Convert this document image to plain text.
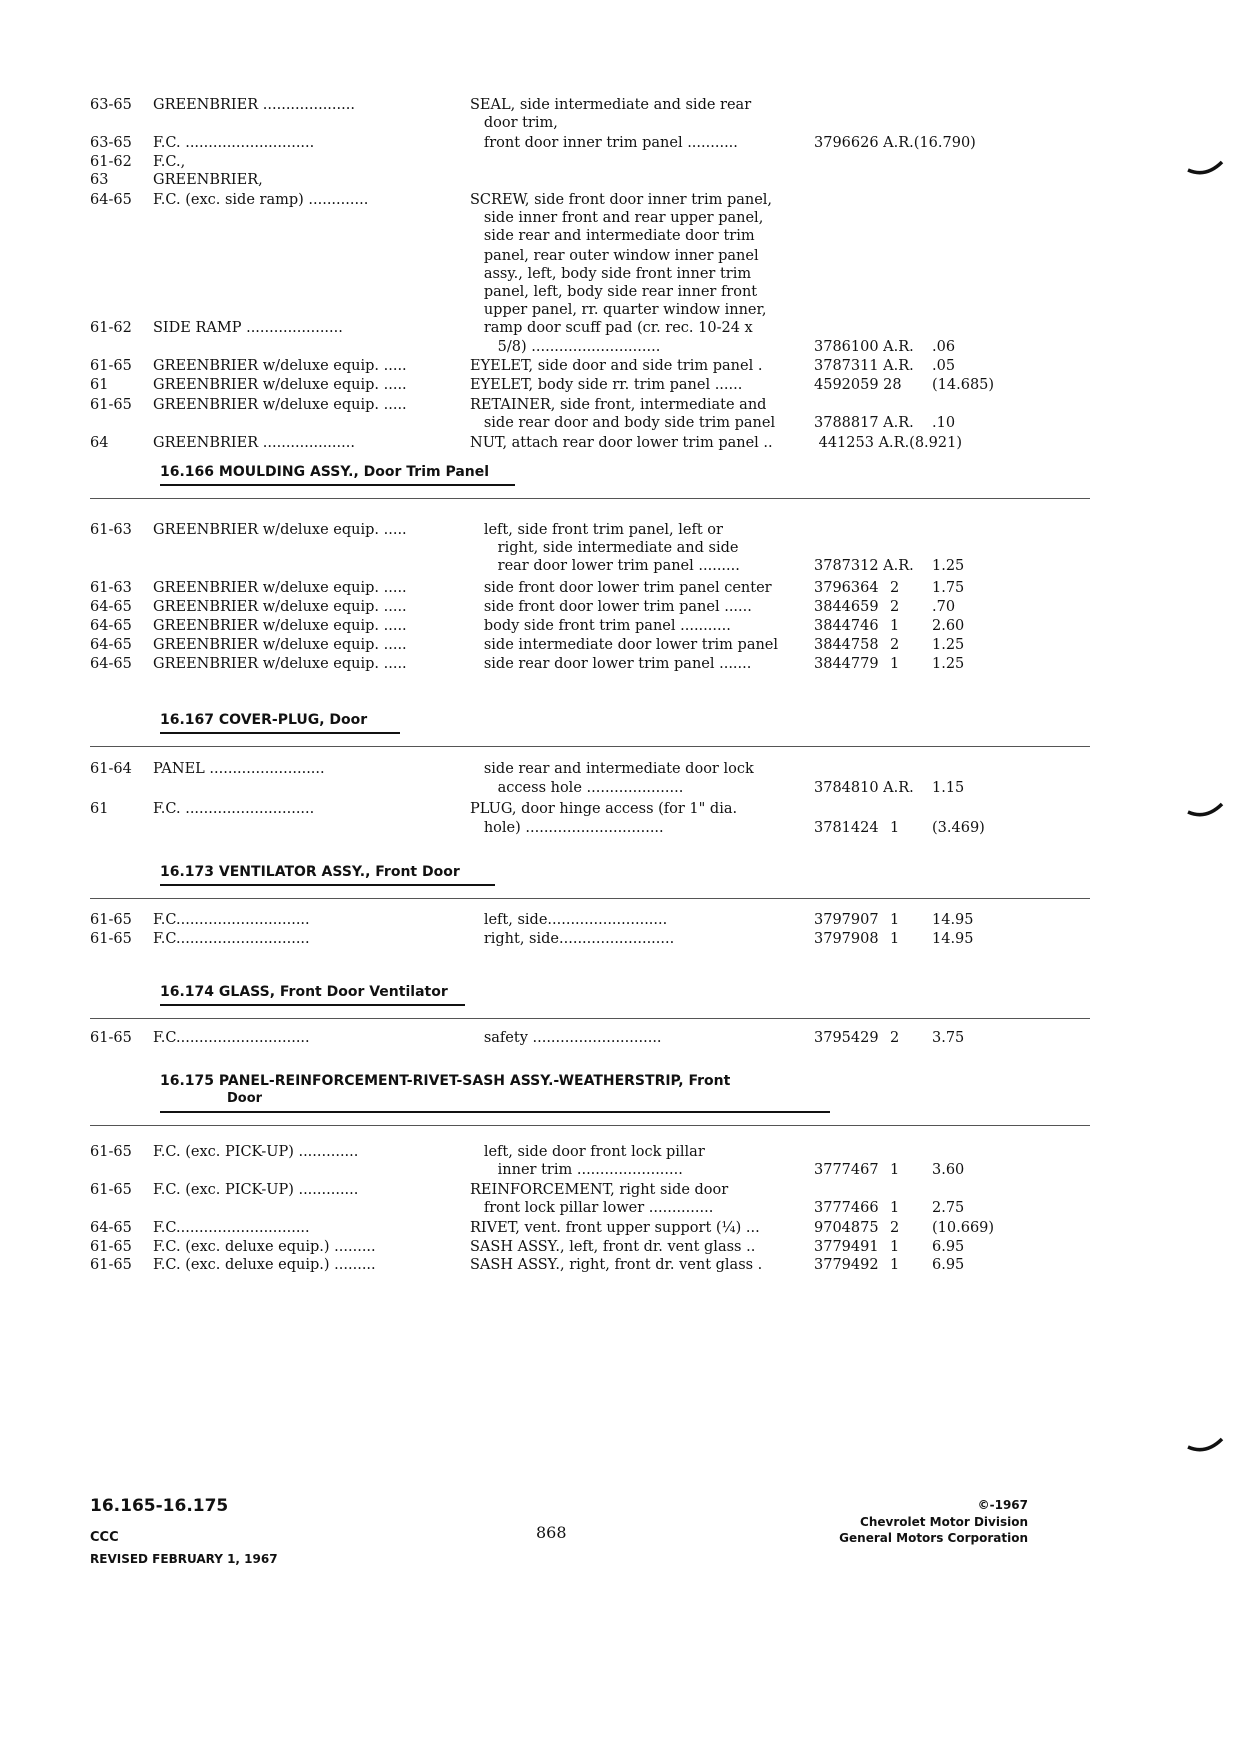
63-65 GREENBRIER ....................	SEAL, side intermediate and side rear
door trim,
63-65 F.C. ............................	front door inner trim panel ...........	3796626 A.R.(16.790)
61-62 F.C.,
63	GREENBRIER,
64-65 F.C. (exc. side ramp) .............	SCREW, side front door inner trim panel,
side inner front and rear upper panel,
side rear and intermediate door trim
panel, rear outer window inner panel
assy., left, body side front inner trim
panel, left, body side rear inner front
upper panel, rr. quarter window inner,
61-62 SIDE RAMP .....................	ramp door scuff pad (cr. rec. 10-24 x
5/8) ............................	3786100 A.R. .06
61-65 GREENBRIER w/deluxe equip. .....	EYELET, side door and side trim panel .	3787311 A.R. .05
61	GREENBRIER w/deluxe equip. .....	EYELET, body side rr. trim panel ......	4592059 28 (14.685)
61-65 GREENBRIER w/deluxe equip. .....	RETAINER, side front, intermediate and
side rear door and body side trim panel	3788817 A.R. .10
64	GREENBRIER ....................	NUT, attach rear door lower trim panel ..	441253 A.R.(8.921)
16.166 MOULDING ASSY., Door Trim Panel
61-63 GREENBRIER w/deluxe equip. .....	left, side front trim panel, left or
right, side intermediate and side
rear door lower trim panel .........	3787312 A.R. 1.25
61-63 GREENBRIER w/deluxe equip. .....	side front door lower trim panel center	3796364 2 1.75
64-65 GREENBRIER w/deluxe equip. .....	side front door lower trim panel ......	3844659 2 .70
64-65 GREENBRIER w/deluxe equip. .....	body side front trim panel ...........	3844746 1 2.60
64-65 GREENBRIER w/deluxe equip. .....	side intermediate door lower trim panel 3844758 2 1.25
64-65 GREENBRIER w/deluxe equip. .....	side rear door lower trim panel .......	3844779 1 1.25
16.167 COVER-PLUG, Door
61-64 PANEL .........................	side rear and intermediate door lock
access hole .....................	3784810 A.R. 1.15
61	F.C. ............................	PLUG, door hinge access (for 1" dia.
hole) ..............................	3781424 1 (3.469)
16.173 VENTILATOR ASSY., Front Door
61-65 F.C.............................	left, side..........................	3797907 1 14.95
61-65 F.C.............................	right, side.........................	3797908 1 14.95
16.174 GLASS, Front Door Ventilator
61-65 F.C.............................	safety ............................	3795429 2 3.75
16.175 PANEL-REINFORCEMENT-RIVET-SASH ASSY.-WEATHERSTRIP, Front
Door
61-65 F.C. (exc. PICK-UP) .............	left, side door front lock pillar
inner trim .......................	3777467 1 3.60
61-65 F.C. (exc. PICK-UP) .............	REINFORCEMENT, right side door
front lock pillar lower ..............	3777466 1 2.75
64-65 F.C.............................	RIVET, vent. front upper support (¼) ...	9704875 2 (10.669)
61-65 F.C. (exc. deluxe equip.) .........	SASH ASSY., left, front dr. vent glass ..	3779491 1 6.95
61-65 F.C. (exc. deluxe equip.) .........	SASH ASSY., right, front dr. vent glass .	3779492 1 6.95
16.165-16.175
CCC
REVISED FEBRUARY 1, 1967
868
©-1967
Chevrolet Motor Division
General Motors Corporation
